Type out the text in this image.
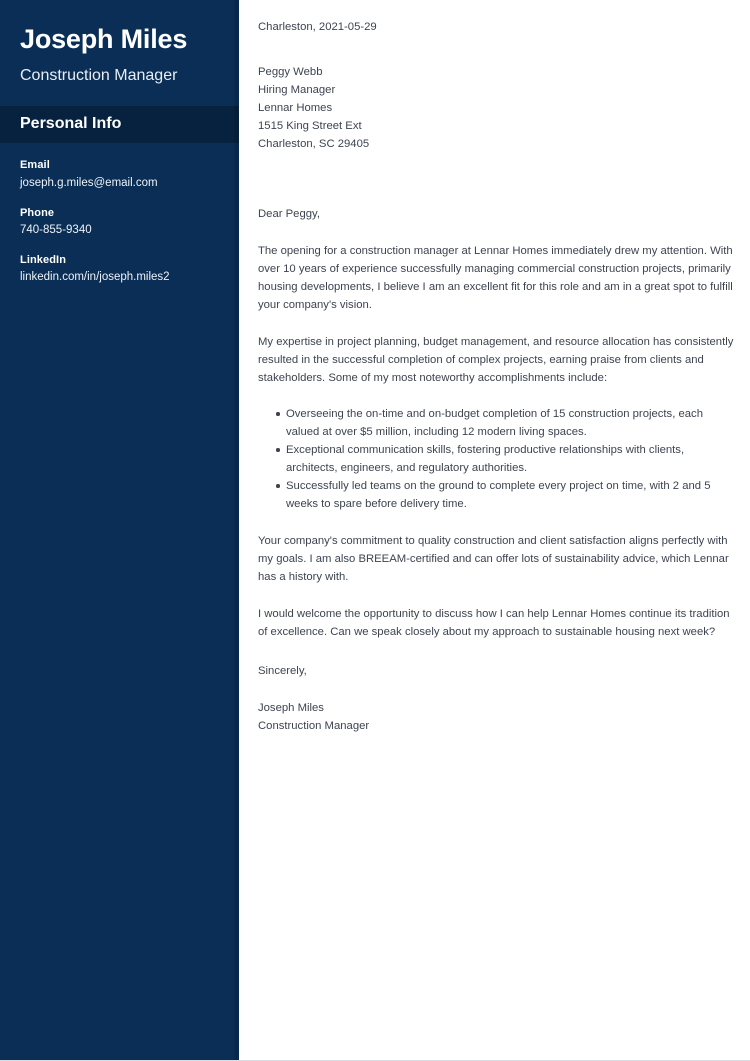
Joseph Miles

Construction Manager

Personal Info

Email

joseph.g.miles@email.com

Phone

740-855-9340

LinkedIn

linkedin.com/in/joseph.miles2

Charleston, 2021-05-29

Peggy Webb

Hiring Manager

Lennar Homes

1515 King Street Ext

Charleston, SC 29405

Dear Peggy,

The opening for a construction manager at Lennar Homes immediately drew my attention. With over 10 years of experience successfully managing commercial construction projects, primarily housing developments, I believe I am an excellent fit for this role and am in a great spot to fulfill your company's vision.

My expertise in project planning, budget management, and resource allocation has consistently resulted in the successful completion of complex projects, earning praise from clients and stakeholders. Some of my most noteworthy accomplishments include:

Overseeing the on-time and on-budget completion of 15 construction projects, each valued at over $5 million, including 12 modern living spaces.
Exceptional communication skills, fostering productive relationships with clients, architects, engineers, and regulatory authorities.
Successfully led teams on the ground to complete every project on time, with 2 and 5 weeks to spare before delivery time.

Your company's commitment to quality construction and client satisfaction aligns perfectly with my goals. I am also BREEAM-certified and can offer lots of sustainability advice, which Lennar has a history with.

I would welcome the opportunity to discuss how I can help Lennar Homes continue its tradition of excellence. Can we speak closely about my approach to sustainable housing next week?

Sincerely,

Joseph Miles

Construction Manager
